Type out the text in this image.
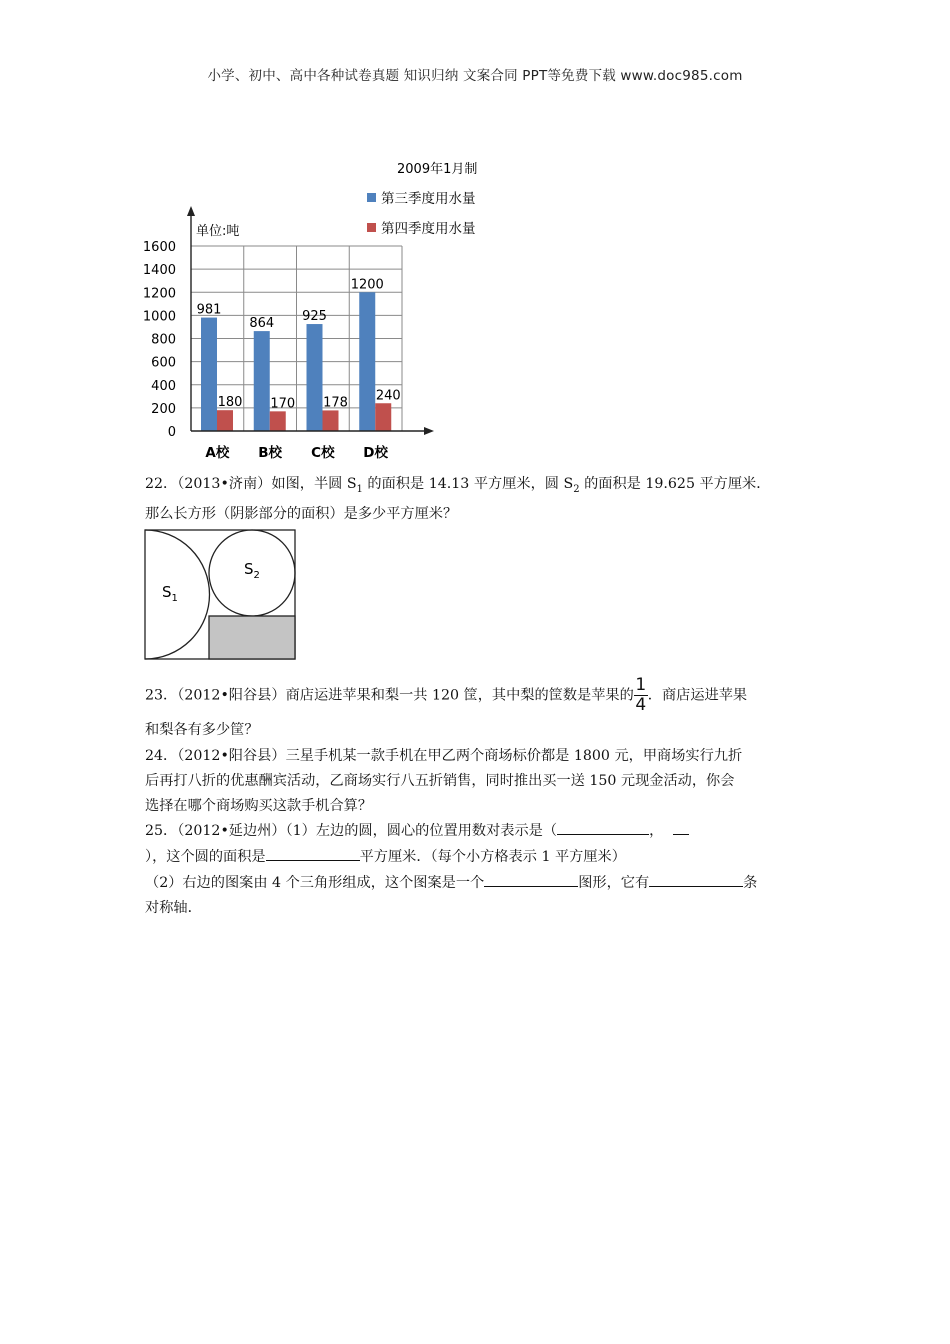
小学、初中、高中各种试卷真题 知识归纳 文案合同 PPT等免费下载 www.doc985.com
2009年1月制
第三季度用水量
第四季度用水量
单位:吨
981
180
864
170
925
178
1200
240
0
200
400
600
800
1000
1200
1400
1600
A校 B校 C校 D校
22．（2013•济南）如图，半圆 $S_1$ 的面积是 14.13 平方厘米，圆 $S_2$ 的面积是 19.625 平方厘米．
那么长方形（阴影部分的面积）是多少平方厘米？
$S_1$
$S_2$
23．（2012•阳谷县）商店运进苹果和梨一共 120 筐，其中梨的筐数是苹果的 $\frac{1}{4}$ ．商店运进苹果
和梨各有多少筐？
24．（2012•阳谷县）三星手机某一款手机在甲乙两个商场标价都是 1800 元，甲商场实行九折
后再打八折的优惠酬宾活动，乙商场实行八五折销售，同时推出买一送 150 元现金活动，你会
选择在哪个商场购买这款手机合算？
25．（2012•延边州）（1）左边的圆，圆心的位置用数对表示是（	，
），这个圆的面积是	平方厘米．（每个小方格表示 1 平方厘米）
（2）右边的图案由 4 个三角形组成，这个图案是一个	图形，它有	条
对称轴．
